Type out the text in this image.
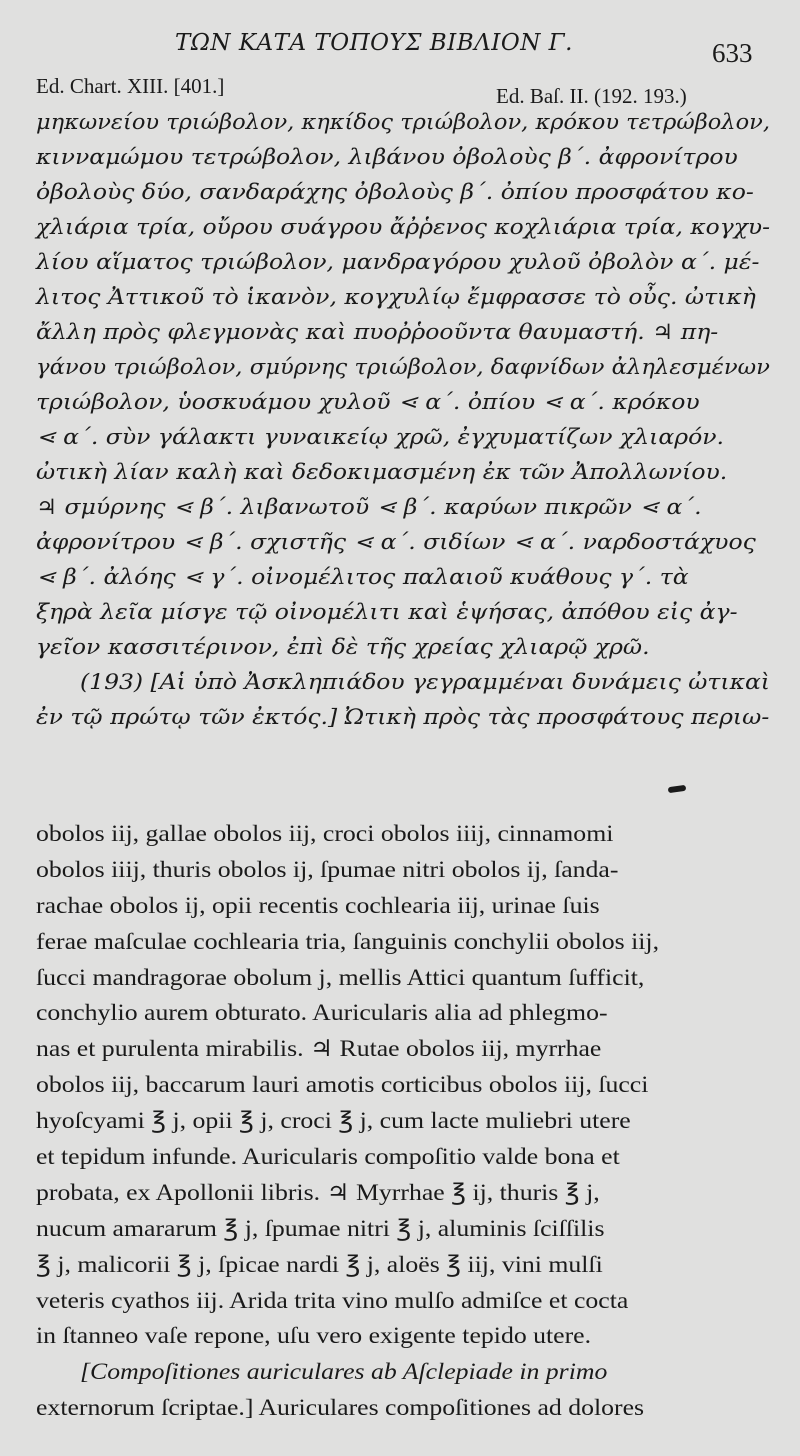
ΤΩΝ ΚΑΤΑ ΤΟΠΟΥΣ ΒΙΒΛΙΟΝ Γ.	633
Ed. Chart. XIII. [401.]	Ed. Baſ. II. (192. 193.)
μηκωνείου τριώβολον, κηκίδος τριώβολον, κρόκου τετρώβολον,
κινναμώμου τετρώβολον, λιβάνου ὀβολοὺς β΄. ἀφρονίτρου
ὀβολοὺς δύο, σανδαράχης ὀβολοὺς β΄. ὀπίου προσφάτου κο-
χλιάρια τρία, οὔρου συάγρου ἄῤῥενος κοχλιάρια τρία, κογχυ-
λίου αἵματος τριώβολον, μανδραγόρου χυλοῦ ὀβολὸν α΄. μέ-
λιτος Ἀττικοῦ τὸ ἱκανὸν, κογχυλίῳ ἔμφρασσε τὸ οὖς. ὠτικὴ
ἄλλη πρὸς φλεγμονὰς καὶ πυοῤῥοοῦντα θαυμαστή. ♃ πη-
γάνου τριώβολον, σμύρνης τριώβολον, δαφνίδων ἀληλεσμένων
τριώβολον, ὑοσκυάμου χυλοῦ ⋖ α΄. ὀπίου ⋖ α΄. κρόκου
⋖ α΄. σὺν γάλακτι γυναικείῳ χρῶ, ἐγχυματίζων χλιαρόν.
ὠτικὴ λίαν καλὴ καὶ δεδοκιμασμένη ἐκ τῶν Ἀπολλωνίου.
♃ σμύρνης ⋖ β΄. λιβανωτοῦ ⋖ β΄. καρύων πικρῶν ⋖ α΄.
ἀφρονίτρου ⋖ β΄. σχιστῆς ⋖ α΄. σιδίων ⋖ α΄. ναρδοστάχυος
⋖ β΄. ἀλόης ⋖ γ΄. οἰνομέλιτος παλαιοῦ κυάθους γ΄. τὰ
ξηρὰ λεῖα μίσγε τῷ οἰνομέλιτι καὶ ἑψήσας, ἀπόθου εἰς ἀγ-
γεῖον κασσιτέρινον, ἐπὶ δὲ τῆς χρείας χλιαρῷ χρῶ.
(193) [Αἱ ὑπὸ Ἀσκληπιάδου γεγραμμέναι δυνάμεις ὠτικαὶ
ἐν τῷ πρώτῳ τῶν ἐκτός.] Ὠτικὴ πρὸς τὰς προσφάτους περιω-
obolos iij, gallae obolos iij, croci obolos iiij, cinnamomi
obolos iiij, thuris obolos ij, ſpumae nitri obolos ij, ſanda-
rachae obolos ij, opii recentis cochlearia iij, urinae ſuis
ferae maſculae cochlearia tria, ſanguinis conchylii obolos iij,
ſucci mandragorae obolum j, mellis Attici quantum ſufficit,
conchylio aurem obturato. Auricularis alia ad phlegmo-
nas et purulenta mirabilis. ♃ Rutae obolos iij, myrrhae
obolos iij, baccarum lauri amotis corticibus obolos iij, ſucci
hyoſcyami ℥ j, opii ℥ j, croci ℥ j, cum lacte muliebri utere
et tepidum infunde. Auricularis compoſitio valde bona et
probata, ex Apollonii libris. ♃ Myrrhae ℥ ij, thuris ℥ j,
nucum amararum ℥ j, ſpumae nitri ℥ j, aluminis ſciſſilis
℥ j, malicorii ℥ j, ſpicae nardi ℥ j, aloës ℥ iij, vini mulſi
veteris cyathos iij. Arida trita vino mulſo admiſce et cocta
in ſtanneo vaſe repone, uſu vero exigente tepido utere.
[Compoſitiones auriculares ab Aſclepiade in primo
externorum ſcriptae.] Auriculares compoſitiones ad dolores
